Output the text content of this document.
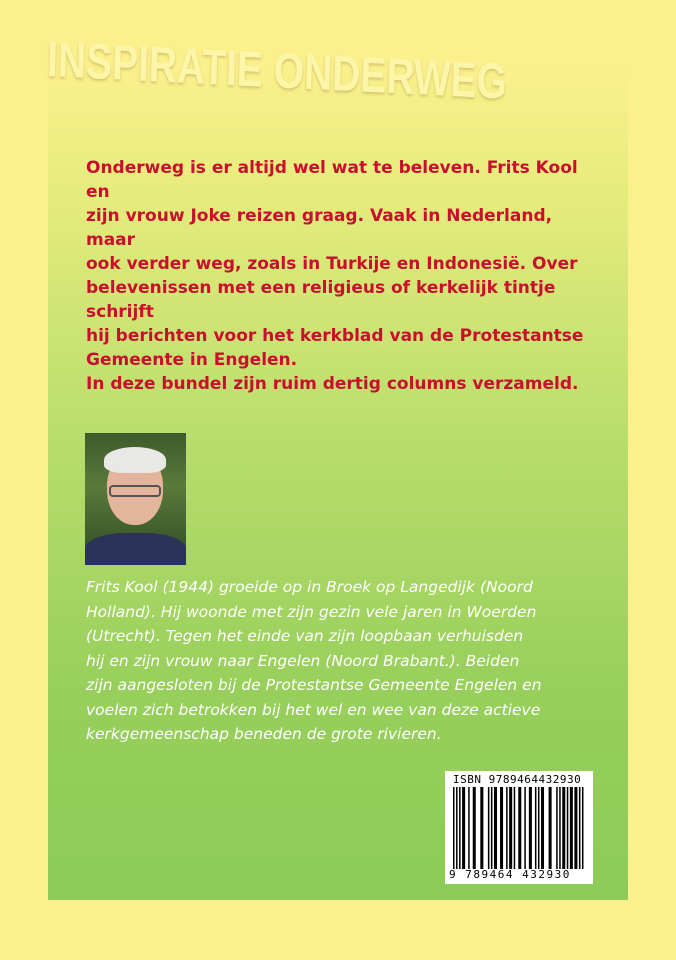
INSPIRATIE ONDERWEG

Onderweg is er altijd wel wat te beleven. Frits Kool en

zijn vrouw Joke reizen graag. Vaak in Nederland, maar

ook verder weg, zoals in Turkije en Indonesië. Over

belevenissen met een religieus of kerkelijk tintje schrijft

hij berichten voor het kerkblad van de Protestantse

Gemeente in Engelen.

In deze bundel zijn ruim dertig columns verzameld.

Frits Kool (1944) groeide op in Broek op Langedijk (Noord

Holland). Hij woonde met zijn gezin vele jaren in Woerden

(Utrecht). Tegen het einde van zijn loopbaan verhuisden

hij en zijn vrouw naar Engelen (Noord Brabant.). Beiden

zijn aangesloten bij de Protestantse Gemeente Engelen en

voelen zich betrokken bij het wel en wee van deze actieve

kerkgemeenschap beneden de grote rivieren.

ISBN 9789464432930
9 789464 432930
